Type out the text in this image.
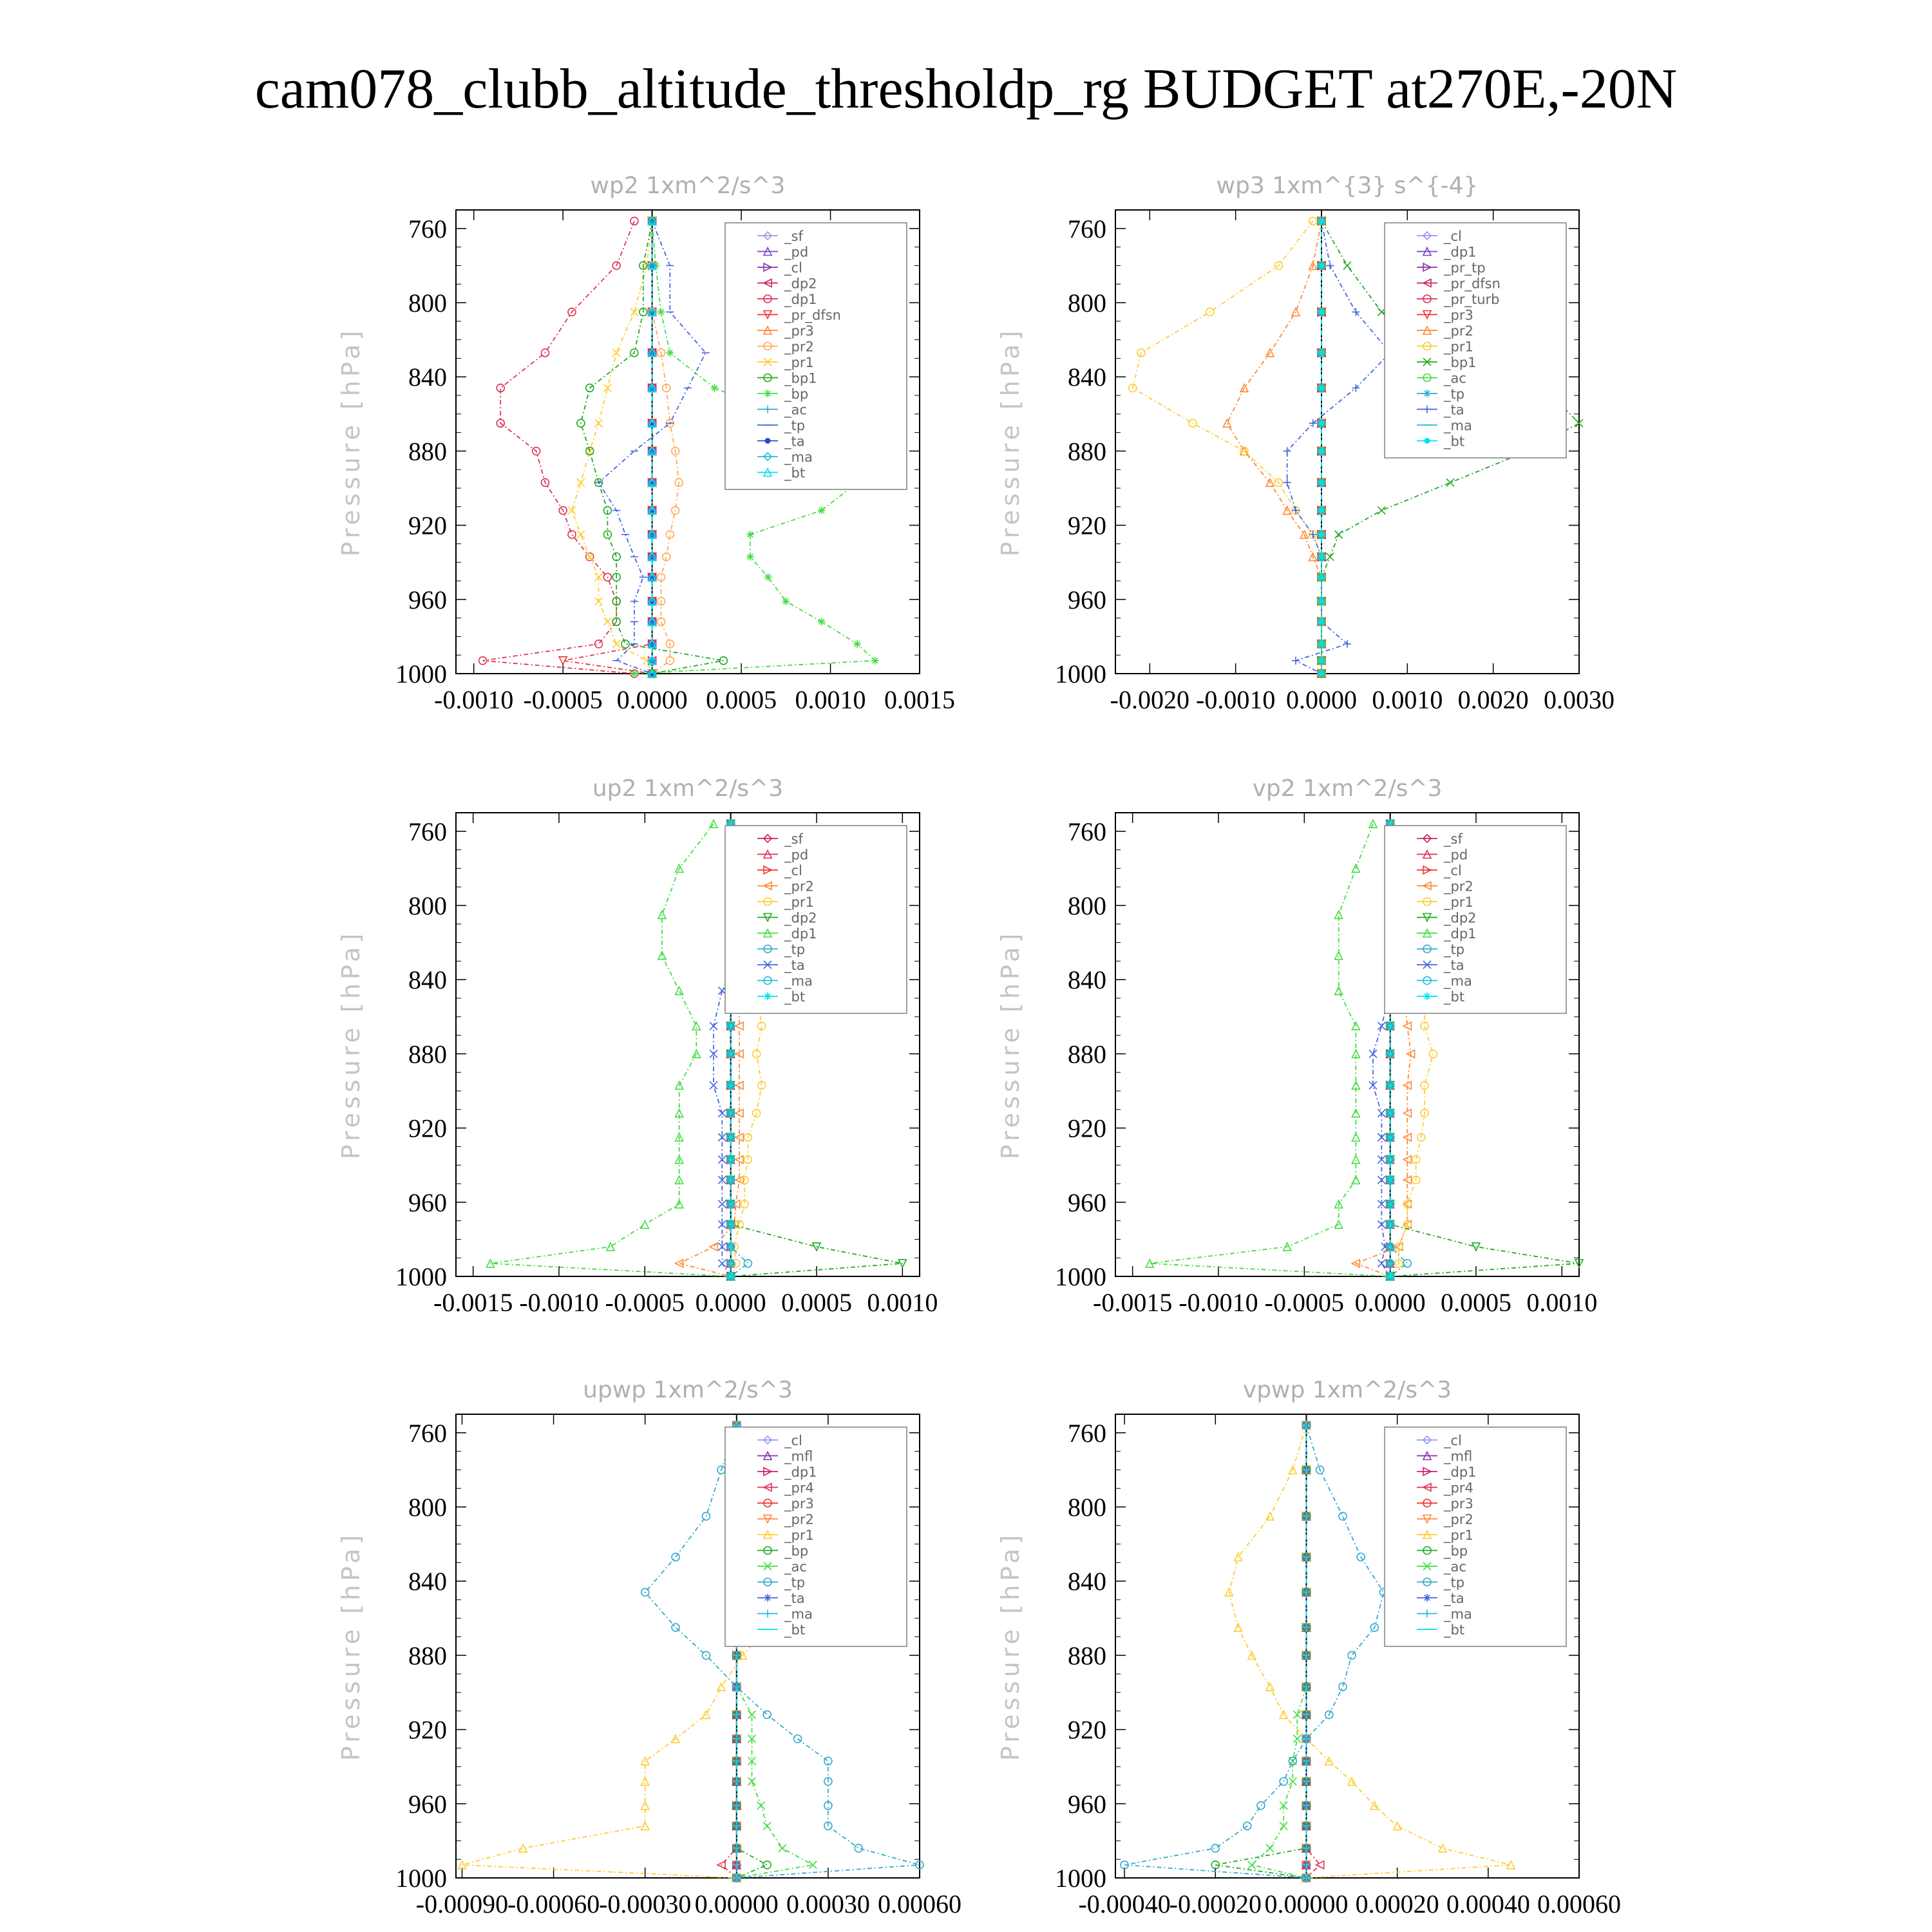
cam078_clubb_altitude_thresholdp_rg BUDGET at270E,-20N
wp2 1xm^2/s^3
Pressure [hPa]
760
800
840
880
920
960
1000
-0.0010 -0.0005 0.0000 0.0005 0.0010 0.0015
_sf
_pd
_cl
_dp2
_dp1
_pr_dfsn
_pr3
_pr2
_pr1
_bp1
_bp
_ac
_tp
_ta
_ma
_bt
wp3 1xm^{3} s^{-4}
Pressure [hPa]
760
800
840
880
920
960
1000
-0.0020 -0.0010 0.0000 0.0010 0.0020 0.0030
_cl
_dp1
_pr_tp
_pr_dfsn
_pr_turb
_pr3
_pr2
_pr1
_bp1
_ac
_tp
_ta
_ma
_bt
up2 1xm^2/s^3
Pressure [hPa]
760
800
840
880
920
960
1000
-0.0015 -0.0010 -0.0005 0.0000 0.0005 0.0010
_sf
_pd
_cl
_pr2
_pr1
_dp2
_dp1
_tp
_ta
_ma
_bt
vp2 1xm^2/s^3
Pressure [hPa]
760
800
840
880
920
960
1000
-0.0015 -0.0010 -0.0005 0.0000 0.0005 0.0010
_sf
_pd
_cl
_pr2
_pr1
_dp2
_dp1
_tp
_ta
_ma
_bt
upwp 1xm^2/s^3
Pressure [hPa]
760
800
840
880
920
960
1000
-0.00090
-0.00060
-0.00030 0.00000 0.00030 0.00060
_cl
_mfl
_dp1
_pr4
_pr3
_pr2
_pr1
_bp
_ac
_tp
_ta
_ma
_bt
vpwp 1xm^2/s^3
Pressure [hPa]
760
800
840
880
920
960
1000
-0.00040
-0.00020 0.00000 0.00020 0.00040 0.00060
_cl
_mfl
_dp1
_pr4
_pr3
_pr2
_pr1
_bp
_ac
_tp
_ta
_ma
_bt
